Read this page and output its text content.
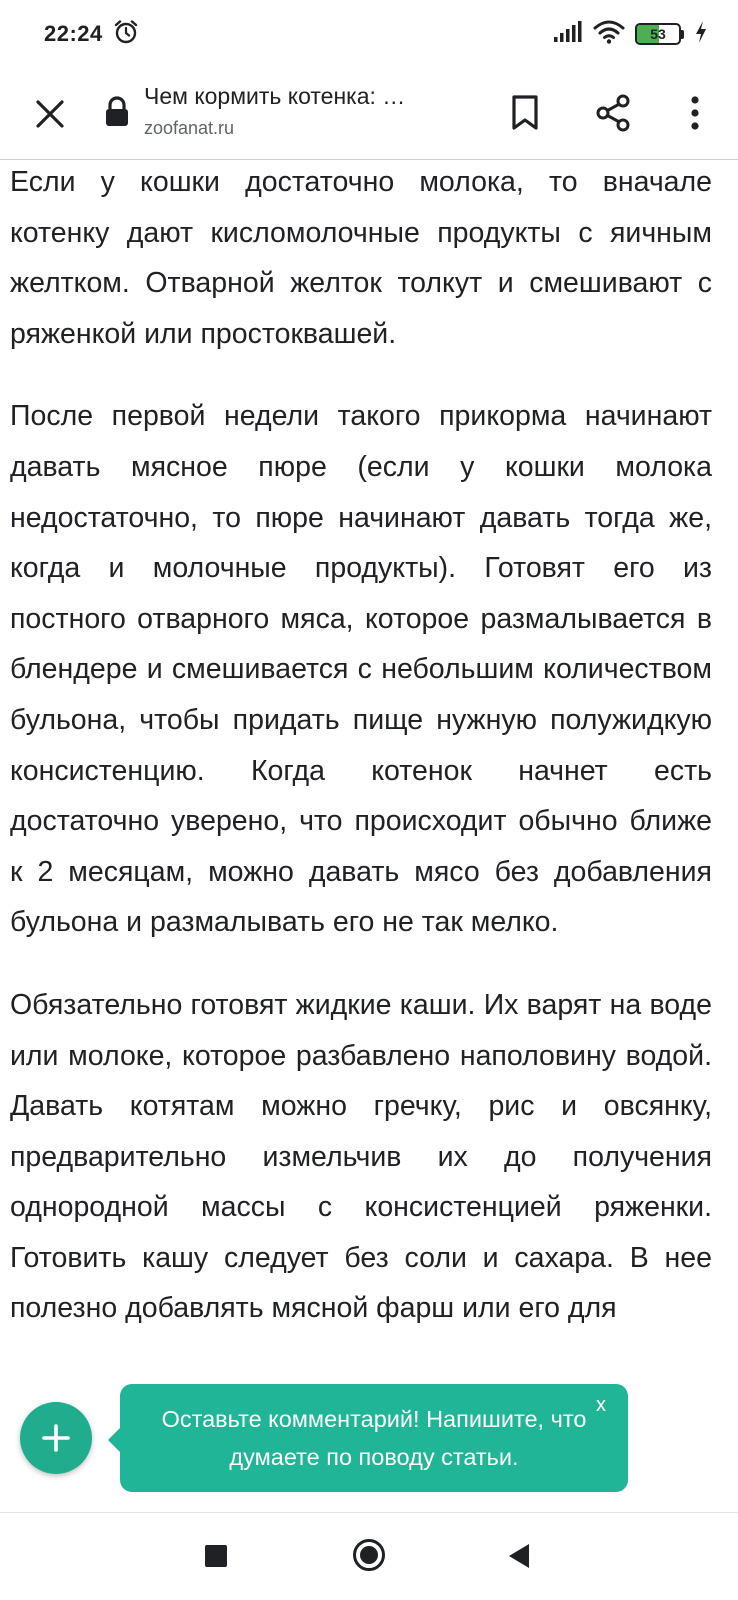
22:24	53
Чем кормить котенка: …
zoofanat.ru

Если у кошки достаточно молока, то вначале котенку дают кисломолочные продукты с яичным желтком. Отварной желток толкут и смешивают с ряженкой или простоквашей.

После первой недели такого прикорма начинают давать мясное пюре (если у кошки молока недостаточно, то пюре начинают давать тогда же, когда и молочные продукты). Готовят его из постного отварного мяса, которое размалывается в блендере и смешивается с небольшим количеством бульона, чтобы придать пище нужную полужидкую консистенцию. Когда котенок начнет есть достаточно уверено, что происходит обычно ближе к 2 месяцам, можно давать мясо без добавления бульона и размалывать его не так мелко.

Обязательно готовят жидкие каши. Их варят на воде или молоке, которое разбавлено наполовину водой. Давать котятам можно гречку, рис и овсянку, предварительно измельчив их до получения однородной массы с консистенцией ряженки. Готовить кашу следует без соли и сахара. В нее полезно добавлять мясной фарш или его для

Оставьте комментарий! Напишите, что думаете по поводу статьи.
x
